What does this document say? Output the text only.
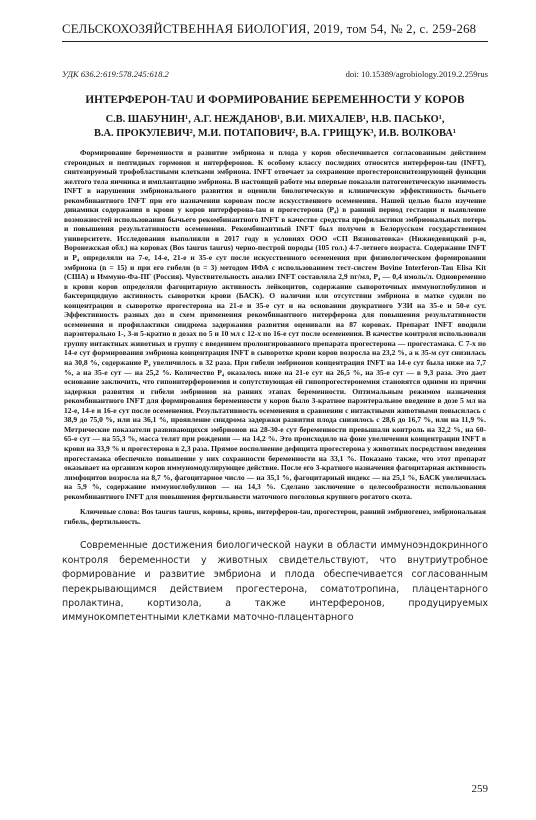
СЕЛЬСКОХОЗЯЙСТВЕННАЯ БИОЛОГИЯ, 2019, том 54, № 2, с. 259-268
УДК 636.2:619:578.245:618.2	doi: 10.15389/agrobiology.2019.2.259rus
ИНТЕРФЕРОН-TAU И ФОРМИРОВАНИЕ БЕРЕМЕННОСТИ У КОРОВ
С.В. ШАБУНИН¹, А.Г. НЕЖДАНОВ¹, В.И. МИХАЛЕВ¹, Н.В. ПАСЬКО¹,
В.А. ПРОКУЛЕВИЧ², М.И. ПОТАПОВИЧ², В.А. ГРИЩУК³, И.В. ВОЛКОВА¹

Формирование беременности и развитие эмбриона и плода у коров обеспечивается согласованным действием стероидных и пептидных гормонов и интерферонов. К особому классу последних относится интерферон-tau (INFT), синтезируемый трофобластными клетками эмбриона. INFT отвечает за сохранение прогестеронсинтезирующей функции желтого тела яичника и имплантацию эмбриона. В настоящей работе мы впервые показали патогенетическую значимость INFT в нарушении эмбрионального развития и оценили биологическую и клиническую эффективность бычьего рекомбинантного INFT при его назначении коровам после искусственного осеменения. Нашей целью было изучение динамики содержания в крови у коров интерферона-tau и прогестерона (P₄) в ранний период гестации и выявление возможностей использования бычьего рекомбинантного INFT в качестве средства профилактики эмбриональных потерь и повышения результативности осеменения. Рекомбинантный INFT был получен в Белорусском государственном университете. Исследования выполняли в 2017 году в условиях ООО «СП Вязноватовка» (Нижнедевицкий р-н, Воронежская обл.) на коровах (Bos taurus taurus) черно-пестрой породы (105 гол.) 4-7-летнего возраста. Содержание INFT и P₄ определяли на 7-е, 14-е, 21-е и 35-е сут после искусственного осеменения при физиологическом формировании эмбриона (n = 15) и при его гибели (n = 3) методом ИФА с использованием тест-систем Bovine Interferon-Tau Elisa Kit (США) и Иммуно-Фа-ПГ (Россия). Чувствительность анализ INFT составляла 2,9 пг/мл, P₄ — 0,4 нмоль/л. Одновременно в крови коров определяли фагоцитарную активность лейкоцитов, содержание сывороточных иммуноглобулинов и бактерицидную активность сыворотки крови (БАСК). О наличии или отсутствии эмбриона в матке судили по концентрации в сыворотке прогестерона на 21-е и 35-е сут и на основании двукратного УЗИ на 35-е и 50-е сут. Эффективность разных доз и схем применения рекомбинантного интерферона для повышения результативности осеменения и профилактики синдрома задержания развития оценивали на 87 коровах. Препарат INFT вводили парэнтерально 1-, 3-и 5-кратно в дозах по 5 и 10 мл с 12-х по 16-е сут после осеменения. В качестве контроля использовали группу интактных животных и группу с введением пролонгированного препарата прогестерона — прогестамака. С 7-х по 14-е сут формирования эмбриона концентрация INFT в сыворотке крови коров возросла на 23,2 %, а к 35-м сут снизилась на 30,8 %, содержание P₄ увеличилось в 32 раза. При гибели эмбрионов концентрация INFT на 14-е сут была ниже на 7,7 %, а на 35-е сут — на 25,2 %. Количество P₄ оказалось ниже на 21-е сут на 26,5 %, на 35-е сут — в 9,3 раза. Это дает основание заключить, что гипоинтерферонемия и сопутствующая ей гипопрогестеронемия становятся одними из причин задержки развития и гибели эмбрионов на ранних этапах беременности. Оптимальным режимом назначения рекомбинантного INFT для формирования беременности у коров было 3-кратное парэнтеральное введение в дозе 5 мл на 12-е, 14-е и 16-е сут после осеменения. Результативность осеменения в сравнении с интактными животными повысилась с 38,9 до 75,0 %, или на 36,1 %, проявление синдрома задержки развития плода снизилось с 28,6 до 16,7 %, или на 11,9 %. Метрические показатели развивающихся эмбрионов на 28-30-е сут беременности превышали контроль на 32,2 %, на 60-65-е сут — на 55,3 %, масса телят при рождении — на 14,2 %. Это происходило на фоне увеличения концентрации INFT в крови на 33,9 % и прогестерона в 2,3 раза. Прямое восполнение дефицита прогестерона у животных посредством введения прогестамака обеспечило повышение у них сохранности беременности на 33,1 %. Показано также, что этот препарат оказывает на организм коров иммуномодулирующее действие. После его 3-кратного назначения фагоцитарная активность лимфоцитов возросла на 8,7 %, фагоцитарное число — на 35,1 %, фагоцитарный индекс — на 25,1 %, БАСК увеличилась на 5,9 %, содержание иммуноглобулинов — на 14,3 %. Сделано заключение о целесообразности использования рекомбинантного INFT для повышения фертильности маточного поголовья крупного рогатого скота.

Ключевые слова: Bos taurus taurus, коровы, кровь, интерферон-tau, прогестерон, ранний эмбриогенез, эмбриональная гибель, фертильность.

Современные достижения биологической науки в области иммуноэндокринного контроля беременности у животных свидетельствуют, что внутриутробное формирование и развитие эмбриона и плода обеспечивается согласованным перекрывающимся действием прогестерона, соматотропина, плацентарного пролактина, кортизола, а также интерферонов, продуцируемых иммунокомпетентными клетками маточно-плацентарного

259
